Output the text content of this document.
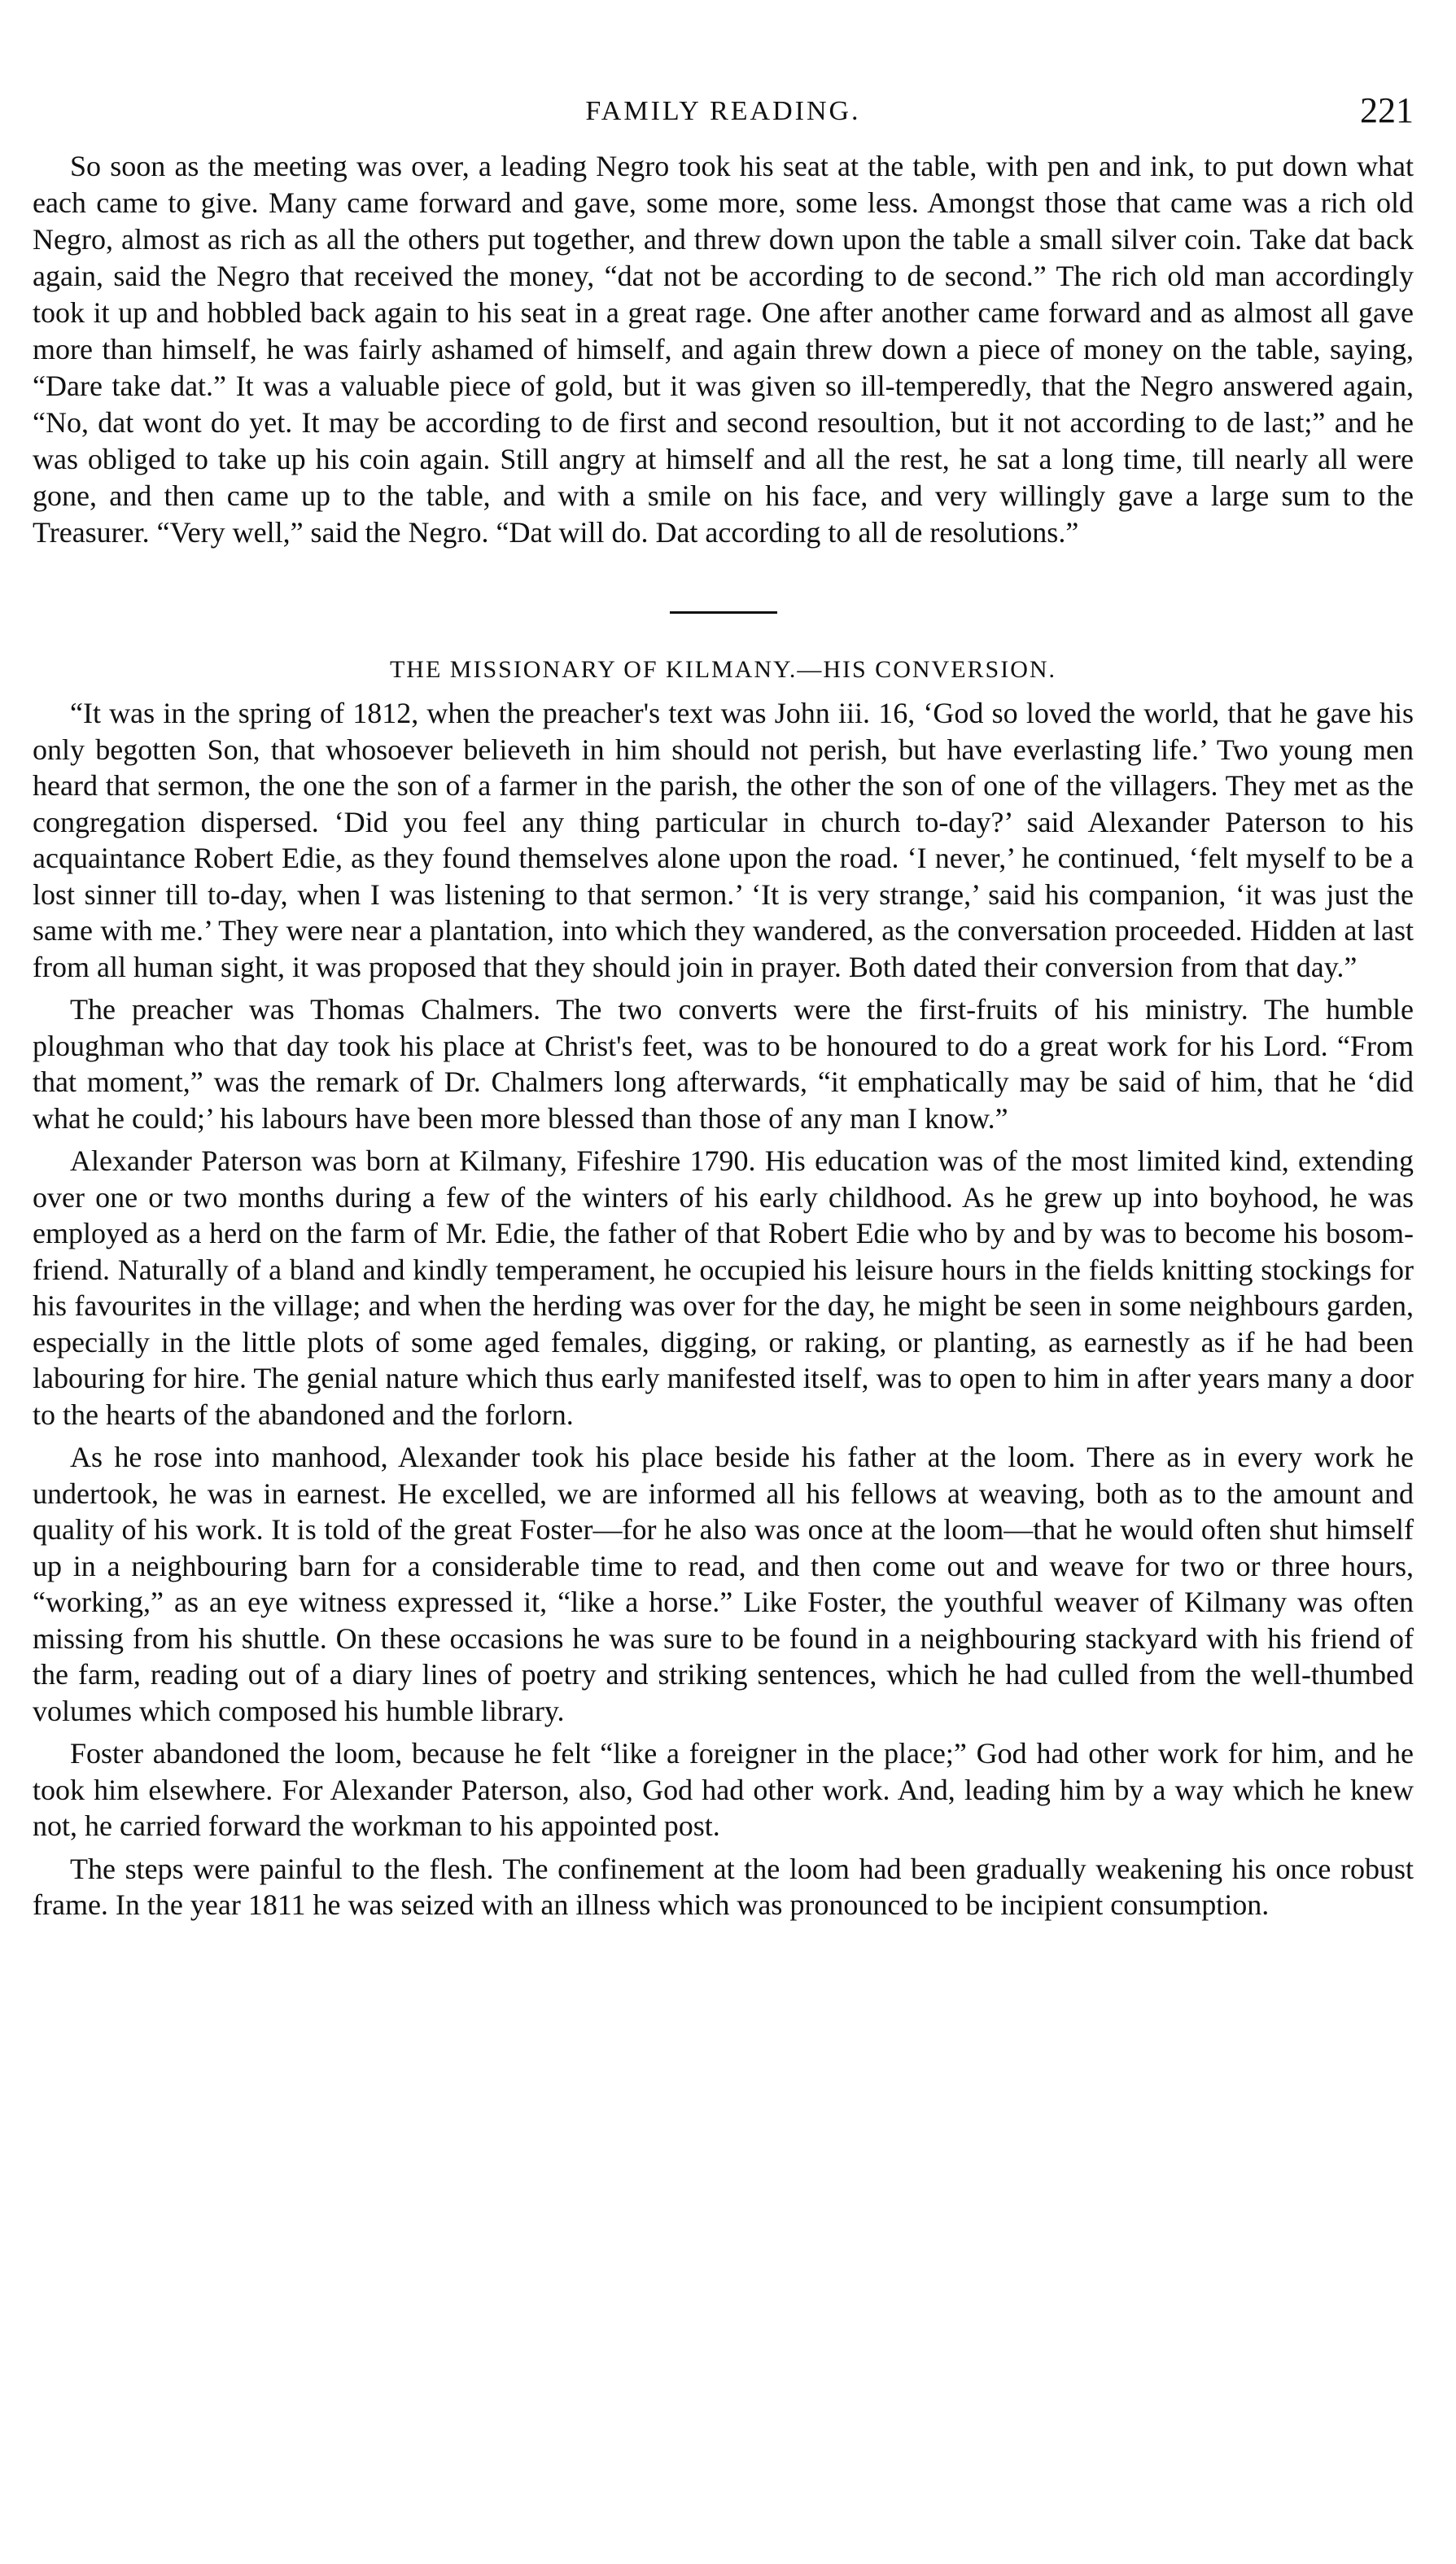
FAMILY READING.	221

So soon as the meeting was over, a leading Negro took his seat at the table, with pen and ink, to put down what each came to give. Many came forward and gave, some more, some less. Amongst those that came was a rich old Negro, almost as rich as all the others put together, and threw down upon the table a small silver coin. Take dat back again, said the Negro that received the money, “dat not be according to de second.” The rich old man accordingly took it up and hobbled back again to his seat in a great rage. One after another came forward and as almost all gave more than himself, he was fairly ashamed of himself, and again threw down a piece of money on the table, saying, “Dare take dat.” It was a valuable piece of gold, but it was given so ill-temperedly, that the Negro answered again, “No, dat wont do yet. It may be according to de first and second resoultion, but it not according to de last;” and he was obliged to take up his coin again. Still angry at himself and all the rest, he sat a long time, till nearly all were gone, and then came up to the table, and with a smile on his face, and very willingly gave a large sum to the Treasurer. “Very well,” said the Negro. “Dat will do. Dat according to all de resolutions.”

THE MISSIONARY OF KILMANY.—HIS CONVERSION.

“It was in the spring of 1812, when the preacher's text was John iii. 16, ‘God so loved the world, that he gave his only begotten Son, that whosoever believeth in him should not perish, but have everlasting life.’ Two young men heard that sermon, the one the son of a farmer in the parish, the other the son of one of the villagers. They met as the congregation dispersed. ‘Did you feel any thing particular in church to-day?’ said Alexander Paterson to his acquaintance Robert Edie, as they found themselves alone upon the road. ‘I never,’ he continued, ‘felt myself to be a lost sinner till to-day, when I was listening to that sermon.’ ‘It is very strange,’ said his companion, ‘it was just the same with me.’ They were near a plantation, into which they wandered, as the conversation proceeded. Hidden at last from all human sight, it was proposed that they should join in prayer. Both dated their conversion from that day.”

The preacher was Thomas Chalmers. The two converts were the first-fruits of his ministry. The humble ploughman who that day took his place at Christ's feet, was to be honoured to do a great work for his Lord. “From that moment,” was the remark of Dr. Chalmers long afterwards, “it emphatically may be said of him, that he ‘did what he could;’ his labours have been more blessed than those of any man I know.”

Alexander Paterson was born at Kilmany, Fifeshire 1790. His education was of the most limited kind, extending over one or two months during a few of the winters of his early childhood. As he grew up into boyhood, he was employed as a herd on the farm of Mr. Edie, the father of that Robert Edie who by and by was to become his bosom-friend. Naturally of a bland and kindly temperament, he occupied his leisure hours in the fields knitting stockings for his favourites in the village; and when the herding was over for the day, he might be seen in some neighbours garden, especially in the little plots of some aged females, digging, or raking, or planting, as earnestly as if he had been labouring for hire. The genial nature which thus early manifested itself, was to open to him in after years many a door to the hearts of the abandoned and the forlorn.

As he rose into manhood, Alexander took his place beside his father at the loom. There as in every work he undertook, he was in earnest. He excelled, we are informed all his fellows at weaving, both as to the amount and quality of his work. It is told of the great Foster—for he also was once at the loom—that he would often shut himself up in a neighbouring barn for a considerable time to read, and then come out and weave for two or three hours, “working,” as an eye witness expressed it, “like a horse.” Like Foster, the youthful weaver of Kilmany was often missing from his shuttle. On these occasions he was sure to be found in a neighbouring stackyard with his friend of the farm, reading out of a diary lines of poetry and striking sentences, which he had culled from the well-thumbed volumes which composed his humble library.

Foster abandoned the loom, because he felt “like a foreigner in the place;” God had other work for him, and he took him elsewhere. For Alexander Paterson, also, God had other work. And, leading him by a way which he knew not, he carried forward the workman to his appointed post.

The steps were painful to the flesh. The confinement at the loom had been gradually weakening his once robust frame. In the year 1811 he was seized with an illness which was pronounced to be incipient consumption.
